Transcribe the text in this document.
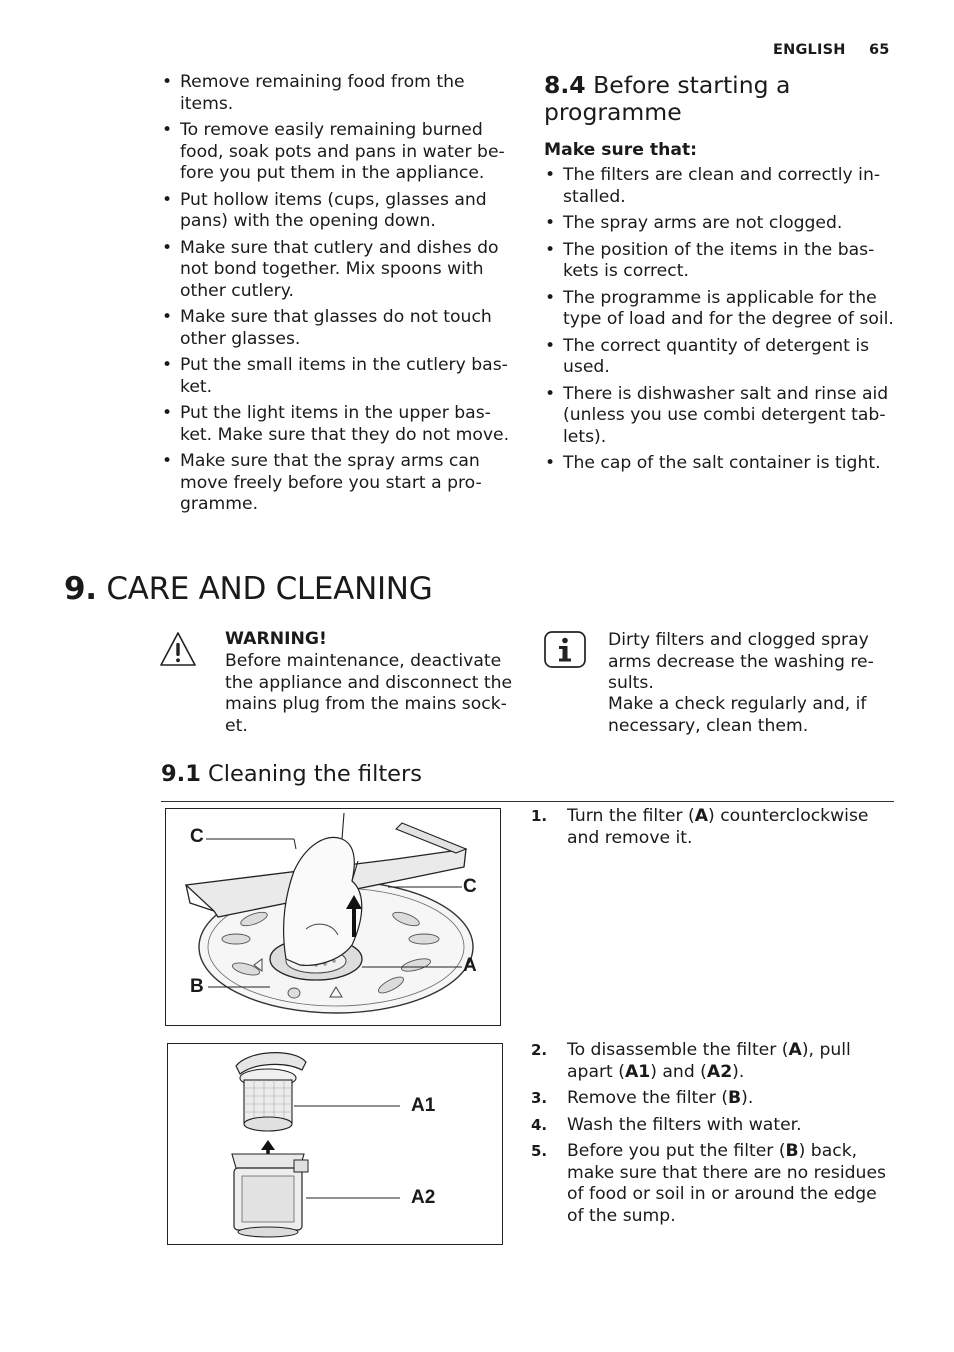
ENGLISH 65
• Remove remaining food from the items.
• To remove easily remaining burned food, soak pots and pans in water be-fore you put them in the appliance.
• Put hollow items (cups, glasses and pans) with the opening down.
• Make sure that cutlery and dishes do not bond together. Mix spoons with other cutlery.
• Make sure that glasses do not touch other glasses.
• Put the small items in the cutlery bas-ket.
• Put the light items in the upper bas-ket. Make sure that they do not move.
• Make sure that the spray arms can move freely before you start a pro-gramme.
8.4 Before starting a programme
Make sure that:
• The filters are clean and correctly in-stalled.
• The spray arms are not clogged.
• The position of the items in the bas-kets is correct.
• The programme is applicable for the type of load and for the degree of soil.
• The correct quantity of detergent is used.
• There is dishwasher salt and rinse aid (unless you use combi detergent tab-lets).
• The cap of the salt container is tight.
9. CARE AND CLEANING
WARNING!
Before maintenance, deactivate the appliance and disconnect the mains plug from the mains sock-et.
Dirty filters and clogged spray arms decrease the washing re-sults.
Make a check regularly and, if necessary, clean them.
9.1 Cleaning the filters
C
C
A
B
1. Turn the filter (A) counterclockwise and remove it.
A1
A2
2. To disassemble the filter (A), pull apart (A1) and (A2).
3. Remove the filter (B).
4. Wash the filters with water.
5. Before you put the filter (B) back, make sure that there are no residues of food or soil in or around the edge of the sump.
